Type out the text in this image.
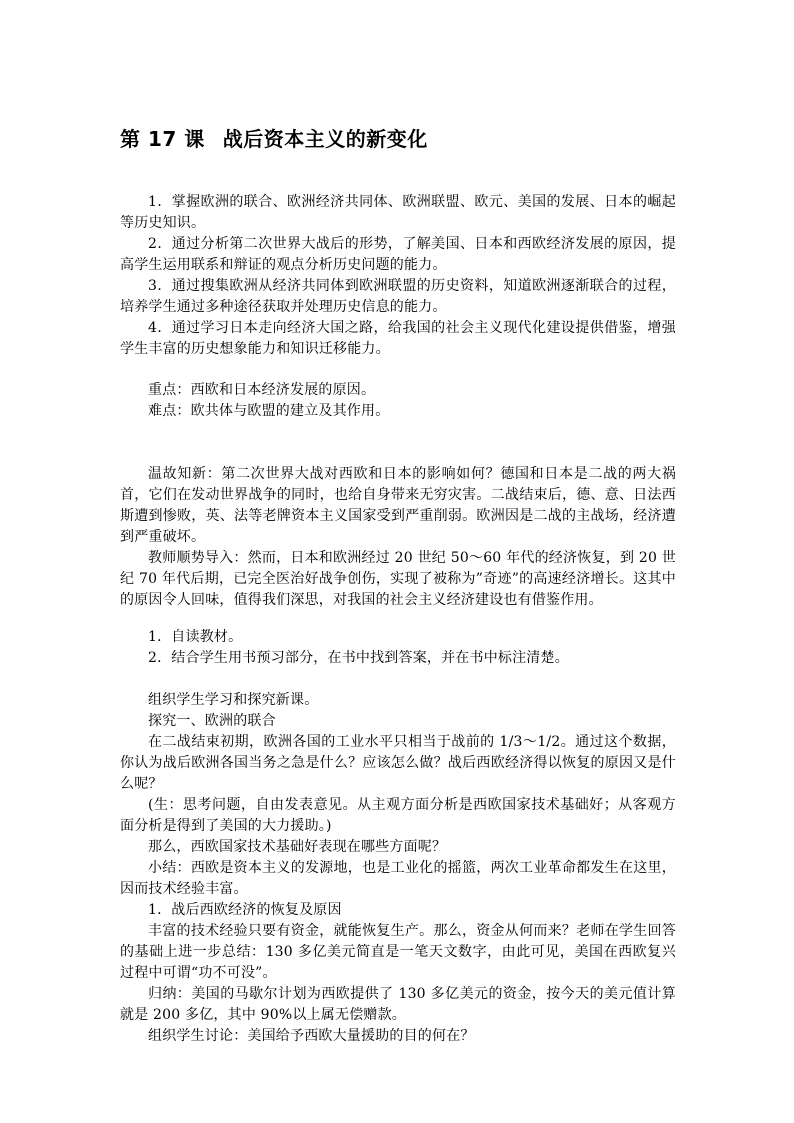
第 17 课 战后资本主义的新变化

1．掌握欧洲的联合、欧洲经济共同体、欧洲联盟、欧元、美国的发展、日本的崛起等历史知识。

2．通过分析第二次世界大战后的形势，了解美国、日本和西欧经济发展的原因，提高学生运用联系和辩证的观点分析历史问题的能力。

3．通过搜集欧洲从经济共同体到欧洲联盟的历史资料，知道欧洲逐渐联合的过程，培养学生通过多种途径获取并处理历史信息的能力。

4．通过学习日本走向经济大国之路，给我国的社会主义现代化建设提供借鉴，增强学生丰富的历史想象能力和知识迁移能力。

重点：西欧和日本经济发展的原因。

难点：欧共体与欧盟的建立及其作用。

温故知新：第二次世界大战对西欧和日本的影响如何？德国和日本是二战的两大祸首，它们在发动世界战争的同时，也给自身带来无穷灾害。二战结束后，德、意、日法西斯遭到惨败，英、法等老牌资本主义国家受到严重削弱。欧洲因是二战的主战场，经济遭到严重破坏。

教师顺势导入：然而，日本和欧洲经过 20 世纪 50～60 年代的经济恢复，到 20 世纪 70 年代后期，已完全医治好战争创伤，实现了被称为”奇迹”的高速经济增长。这其中的原因令人回味，值得我们深思，对我国的社会主义经济建设也有借鉴作用。

1．自读教材。

2．结合学生用书预习部分，在书中找到答案，并在书中标注清楚。

组织学生学习和探究新课。

探究一、欧洲的联合

在二战结束初期，欧洲各国的工业水平只相当于战前的 1/3～1/2。通过这个数据，你认为战后欧洲各国当务之急是什么？应该怎么做？战后西欧经济得以恢复的原因又是什么呢？

(生：思考问题，自由发表意见。从主观方面分析是西欧国家技术基础好；从客观方面分析是得到了美国的大力援助。)

那么，西欧国家技术基础好表现在哪些方面呢？

小结：西欧是资本主义的发源地，也是工业化的摇篮，两次工业革命都发生在这里，因而技术经验丰富。

1．战后西欧经济的恢复及原因

丰富的技术经验只要有资金，就能恢复生产。那么，资金从何而来？老师在学生回答的基础上进一步总结：130 多亿美元简直是一笔天文数字，由此可见，美国在西欧复兴过程中可谓“功不可没”。

归纳：美国的马歇尔计划为西欧提供了 130 多亿美元的资金，按今天的美元值计算就是 200 多亿，其中 90%以上属无偿赠款。

组织学生讨论：美国给予西欧大量援助的目的何在？
